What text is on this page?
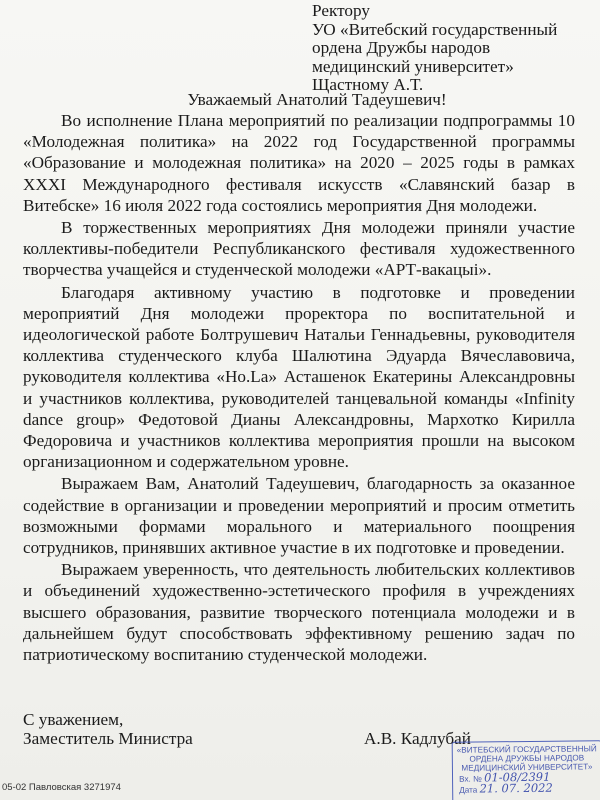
Ректору
УО «Витебский государственный
ордена Дружбы народов
медицинский университет»
Щастному А.Т.
Уважаемый Анатолий Тадеушевич!

Во исполнение Плана мероприятий по реализации подпрограммы 10 «Молодежная политика» на 2022 год Государственной программы «Образование и молодежная политика» на 2020 – 2025 годы в рамках XXXI Международного фестиваля искусств «Славянский базар в Витебске» 16 июля 2022 года состоялись мероприятия Дня молодежи.

В торжественных мероприятиях Дня молодежи приняли участие коллективы-победители Республиканского фестиваля художественного творчества учащейся и студенческой молодежи «АРТ-вакацыі».

Благодаря активному участию в подготовке и проведении мероприятий Дня молодежи проректора по воспитательной и идеологической работе Болтрушевич Натальи Геннадьевны, руководителя коллектива студенческого клуба Шалютина Эдуарда Вячеславовича, руководителя коллектива «Ho.La» Асташенок Екатерины Александровны и участников коллектива, руководителей танцевальной команды «Infinity dance group» Федотовой Дианы Александровны, Мархотко Кирилла Федоровича и участников коллектива мероприятия прошли на высоком организационном и содержательном уровне.

Выражаем Вам, Анатолий Тадеушевич, благодарность за оказанное содействие в организации и проведении мероприятий и просим отметить возможными формами морального и материального поощрения сотрудников, принявших активное участие в их подготовке и проведении.

Выражаем уверенность, что деятельность любительских коллективов и объединений художественно-эстетического профиля в учреждениях высшего образования, развитие творческого потенциала молодежи и в дальнейшем будут способствовать эффективному решению задач по патриотическому воспитанию студенческой молодежи.

С уважением,
Заместитель Министра	А.В. Кадлубай
05-02 Павловская 3271974
«ВИТЕБСКИЙ ГОСУДАРСТВЕННЫЙ
ОРДЕНА ДРУЖБЫ НАРОДОВ
МЕДИЦИНСКИЙ УНИВЕРСИТЕТ»
Вх. № 01-08/2391
Дата 21. 07. 2022
